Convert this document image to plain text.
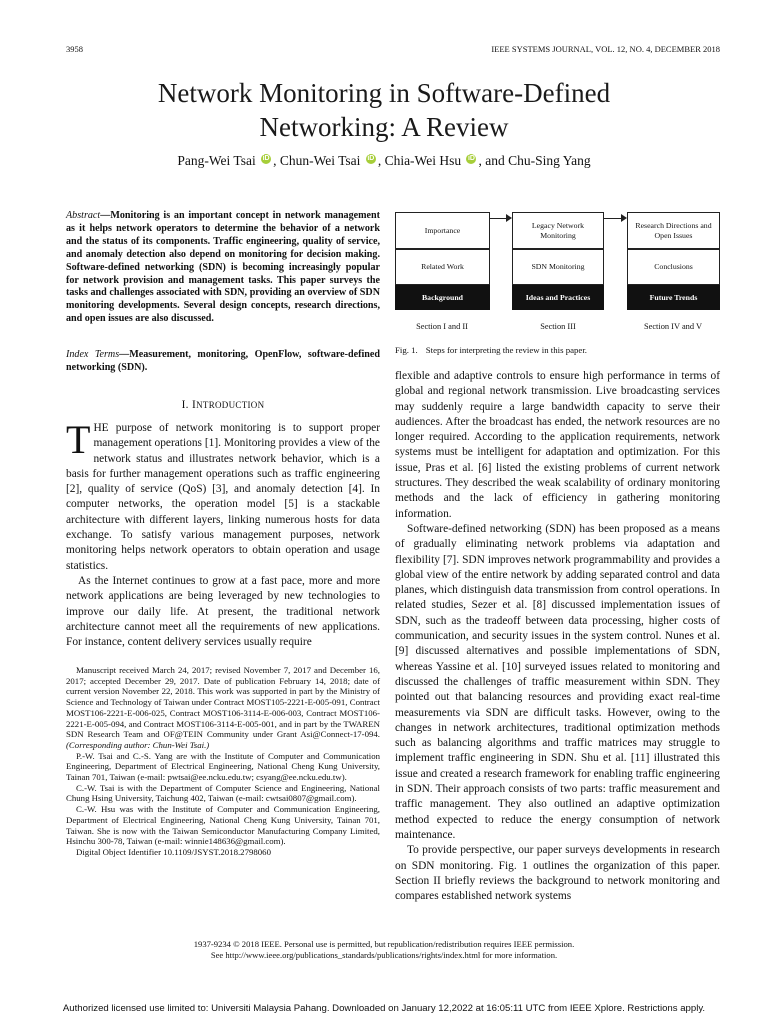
3958	IEEE SYSTEMS JOURNAL, VOL. 12, NO. 4, DECEMBER 2018
Network Monitoring in Software-Defined
Networking: A Review
Pang-Wei Tsai iD , Chun-Wei Tsai iD , Chia-Wei Hsu iD , and Chu-Sing Yang
Abstract—Monitoring is an important concept in network management as it helps network operators to determine the behavior of a network and the status of its components. Traffic engineering, quality of service, and anomaly detection also depend on monitoring for decision making. Software-defined networking (SDN) is becoming increasingly popular for network provision and management tasks. This paper surveys the tasks and challenges associated with SDN, providing an overview of SDN monitoring developments. Several design concepts, research directions, and open issues are also discussed.
Index Terms—Measurement, monitoring, OpenFlow, software-defined networking (SDN).
I. INTRODUCTION

THE purpose of network monitoring is to support proper management operations [1]. Monitoring provides a view of the network status and illustrates network behavior, which is a basis for further management operations such as traffic engineering [2], quality of service (QoS) [3], and anomaly detection [4]. In computer networks, the operation model [5] is a stackable architecture with different layers, linking numerous hosts for data exchange. To satisfy various management purposes, network monitoring helps network operators to obtain operation and usage statistics.

As the Internet continues to grow at a fast pace, more and more network applications are being leveraged by new technologies to improve our daily life. At present, the traditional network architecture cannot meet all the requirements of new applications. For instance, content delivery services usually require

Manuscript received March 24, 2017; revised November 7, 2017 and December 16, 2017; accepted December 29, 2017. Date of publication February 14, 2018; date of current version November 22, 2018. This work was supported in part by the Ministry of Science and Technology of Taiwan under Contract MOST105-2221-E-005-091, Contract MOST106-2221-E-006-025, Contract MOST106-3114-E-006-003, Contract MOST106-2221-E-005-094, and Contract MOST106-3114-E-005-001, and in part by the TWAREN SDN Research Team and OF@TEIN Community under Grant Asi@Connect-17-094. (Corresponding author: Chun-Wei Tsai.)

P.-W. Tsai and C.-S. Yang are with the Institute of Computer and Communication Engineering, Department of Electrical Engineering, National Cheng Kung University, Tainan 701, Taiwan (e-mail: pwtsai@ee.ncku.edu.tw; csyang@ee.ncku.edu.tw).

C.-W. Tsai is with the Department of Computer Science and Engineering, National Chung Hsing University, Taichung 402, Taiwan (e-mail: cwtsai0807@gmail.com).

C.-W. Hsu was with the Institute of Computer and Communication Engineering, Department of Electrical Engineering, National Cheng Kung University, Tainan 701, Taiwan. She is now with the Taiwan Semiconductor Manufacturing Company Limited, Hsinchu 300-78, Taiwan (e-mail: winnie148636@gmail.com).

Digital Object Identifier 10.1109/JSYST.2018.2798060

Importance
Related Work
Background
Legacy Network Monitoring
SDN Monitoring
Ideas and Practices
Research Directions and Open Issues
Conclusions
Future Trends
Section I and II	Section III	Section IV and V
Fig. 1. Steps for interpreting the review in this paper.

flexible and adaptive controls to ensure high performance in terms of global and regional network transmission. Live broadcasting services may suddenly require a large bandwidth capacity to serve their audiences. After the broadcast has ended, the network resources are no longer required. According to the application requirements, network systems must be intelligent for adaptation and optimization. For this issue, Pras et al. [6] listed the existing problems of current network structures. They described the weak scalability of ordinary monitoring methods and the lack of efficiency in gathering monitoring information.

Software-defined networking (SDN) has been proposed as a means of gradually eliminating network problems via adaptation and flexibility [7]. SDN improves network programmability and provides a global view of the entire network by adding separated control and data planes, which distinguish data transmission from control operations. In related studies, Sezer et al. [8] discussed implementation issues of SDN, such as the tradeoff between data processing, higher costs of communication, and security issues in the system control. Nunes et al. [9] discussed alternatives and possible implementations of SDN, whereas Yassine et al. [10] surveyed issues related to monitoring and discussed the challenges of traffic measurement within SDN. They pointed out that balancing resources and providing exact real-time measurements via SDN are difficult tasks. However, owing to the changes in network architectures, traditional optimization methods such as balancing algorithms and traffic matrices may struggle to implement traffic engineering in SDN. Shu et al. [11] illustrated this issue and created a research framework for enabling traffic engineering in SDN. Their approach consists of two parts: traffic measurement and traffic management. They also outlined an adaptive optimization method expected to reduce the energy consumption of network maintenance.

To provide perspective, our paper surveys developments in research on SDN monitoring. Fig. 1 outlines the organization of this paper. Section II briefly reviews the background to network monitoring and compares established network systems

1937-9234 © 2018 IEEE. Personal use is permitted, but republication/redistribution requires IEEE permission.
See http://www.ieee.org/publications_standards/publications/rights/index.html for more information.
Authorized licensed use limited to: Universiti Malaysia Pahang. Downloaded on January 12,2022 at 16:05:11 UTC from IEEE Xplore. Restrictions apply.
